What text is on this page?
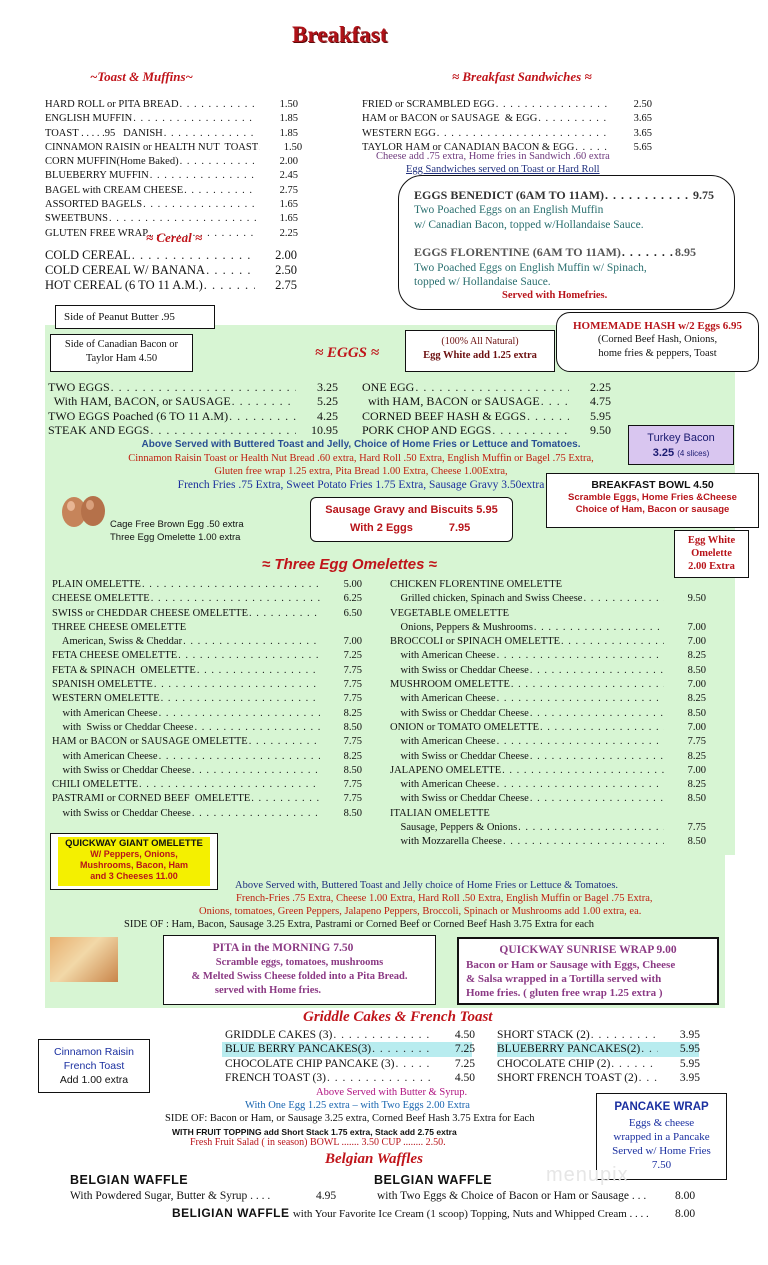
Breakfast
~Toast & Muffins~
HARD ROLL or PITA BREAD . . .	1.50
ENGLISH MUFFIN . . .	1.85
TOAST . . . . .95   DANISH . . .	1.85
CINNAMON RAISIN or HEALTH NUT  TOAST . . .	1.50
CORN MUFFIN(Home Baked) . . .	2.00
BLUEBERRY MUFFIN . . .	2.45
BAGEL with CREAM CHEESE . . .	2.75
ASSORTED BAGELS . . .	1.65
SWEETBUNS . . .	1.65
GLUTEN FREE WRAP . . .	2.25
≈ Cereal ≈
COLD CEREAL . . .	2.00
COLD CEREAL W/ BANANA . . .	2.50
HOT CEREAL (6 TO 11 A.M.) . . .	2.75
≈ Breakfast Sandwiches ≈
FRIED or SCRAMBLED EGG . . .	2.50
HAM or BACON or SAUSAGE  & EGG . . .	3.65
WESTERN EGG . . .	3.65
TAYLOR HAM or CANADIAN BACON & EGG . . .	5.65
Cheese add .75 extra, Home fries in Sandwich .60 extra
Egg Sandwiches served on Toast or Hard Roll
EGGS BENEDICT (6AM TO 11AM) . . .	9.75
Two Poached Eggs on an English Muffin
w/ Canadian Bacon, topped w/Hollandaise Sauce.
EGGS FLORENTINE (6AM TO 11AM) . . .	8.95
Two Poached Eggs on English Muffin w/ Spinach,
topped w/ Hollandaise Sauce.
Served with Homefries.
Side of Peanut Butter .95
Side of Canadian Bacon or Taylor Ham 4.50	≈ EGGS ≈
(100% All Natural)
Egg White add 1.25 extra
HOMEMADE HASH w/2 Eggs 6.95
(Corned Beef Hash, Onions,
home fries & peppers, Toast
TWO EGGS . . .	3.25
With HAM, BACON, or SAUSAGE . . .	5.25
TWO EGGS Poached (6 TO 11 A.M) . . .	4.25
STEAK AND EGGS . . .	10.95
ONE EGG . . .	2.25
with HAM, BACON or SAUSAGE . . .	4.75
CORNED BEEF HASH & EGGS . . .	5.95
PORK CHOP AND EGGS . . .	9.50
Above Served with Buttered Toast and Jelly, Choice of Home Fries or Lettuce and Tomatoes.
Cinnamon Raisin Toast or Health Nut Bread .60 extra, Hard Roll .50 Extra, English Muffin or Bagel .75 Extra,
Gluten free wrap 1.25 extra, Pita Bread 1.00 Extra, Cheese 1.00Extra,
French Fries .75 Extra, Sweet Potato Fries 1.75 Extra, Sausage Gravy 3.50extra
Turkey Bacon
3.25 (4 slices)
BREAKFAST BOWL 4.50
Scramble Eggs, Home Fries &Cheese
Choice of Ham, Bacon or sausage
Cage Free Brown Egg .50 extra
Three Egg Omelette 1.00 extra
Sausage Gravy and Biscuits 5.95
With 2 Eggs	7.95
Egg White
Omelette
2.00 Extra
≈ Three Egg Omelettes ≈
PLAIN OMELETTE . . .	5.00
CHEESE OMELETTE . . .	6.25
SWISS or CHEDDAR CHEESE OMELETTE . . .	6.50
THREE CHEESE OMELETTE
American, Swiss & Cheddar . . .	7.00
FETA CHEESE OMELETTE . . .	7.25
FETA & SPINACH  OMELETTE . . .	7.75
SPANISH OMELETTE . . .	7.75
WESTERN OMELETTE . . .	7.75
with American Cheese . . .	8.25
with  Swiss or Cheddar Cheese . . .	8.50
HAM or BACON or SAUSAGE OMELETTE . . .	7.75
with American Cheese . . .	8.25
with Swiss or Cheddar Cheese . . .	8.50
CHILI OMELETTE . . .	7.75
PASTRAMI or CORNED BEEF  OMELETTE . . .	7.75
with Swiss or Cheddar Cheese . . .	8.50
CHICKEN FLORENTINE OMELETTE
Grilled chicken, Spinach and Swiss Cheese . . .	9.50
VEGETABLE OMELETTE
Onions, Peppers & Mushrooms . . .	7.00
BROCCOLI or SPINACH OMELETTE . . .	7.00
with American Cheese . . .	8.25
with Swiss or Cheddar Cheese . . .	8.50
MUSHROOM OMELETTE . . .	7.00
with American Cheese . . .	8.25
with Swiss or Cheddar Cheese . . .	8.50
ONION or TOMATO OMELETTE . . .	7.00
with American Cheese . . .	7.75
with Swiss or Cheddar Cheese . . .	8.25
JALAPENO OMELETTE . . .	7.00
with American Cheese . . .	8.25
with Swiss or Cheddar Cheese . . .	8.50
ITALIAN OMELETTE
Sausage, Peppers & Onions . . .	7.75
with Mozzarella Cheese . . .	8.50
QUICKWAY GIANT OMELETTE
W/ Peppers, Onions,
Mushrooms, Bacon, Ham
and 3 Cheeses 11.00
Above Served with, Buttered Toast and Jelly choice of Home Fries or Lettuce & Tomatoes.
French-Fries .75 Extra, Cheese 1.00 Extra, Hard Roll .50 Extra, English Muffin or Bagel .75 Extra,
Onions, tomatoes, Green Peppers, Jalapeno Peppers, Broccoli, Spinach or Mushrooms add 1.00 extra, ea.
SIDE OF : Ham, Bacon, Sausage 3.25 Extra, Pastrami or Corned Beef or Corned Beef Hash 3.75 Extra for each
PITA in the MORNING 7.50
Scramble eggs, tomatoes, mushrooms
& Melted Swiss Cheese folded into a Pita Bread.
served with Home fries.
QUICKWAY SUNRISE WRAP 9.00
Bacon or Ham or Sausage with Eggs, Cheese
& Salsa wrapped in a Tortilla served with
Home fries. ( gluten free wrap 1.25 extra )
Griddle Cakes & French Toast
GRIDDLE CAKES (3) . . .	4.50
BLUE BERRY PANCAKES(3) . . .	7.25
CHOCOLATE CHIP PANCAKE (3) . . .	7.25
FRENCH TOAST (3) . . .	4.50
SHORT STACK (2) . . .	3.95
BLUEBERRY PANCAKES(2) . . .	5.95
CHOCOLATE CHIP (2) . . .	5.95
SHORT FRENCH TOAST (2) . . .	3.95
Above Served with Butter & Syrup.
With One Egg 1.25 extra – with Two Eggs 2.00 Extra
SIDE OF: Bacon or Ham, or Sausage 3.25 extra, Corned Beef Hash 3.75 Extra for Each
WITH FRUIT TOPPING add Short Stack 1.75 extra, Stack add 2.75 extra
Fresh Fruit Salad ( in season) BOWL ....... 3.50 CUP ........ 2.50.
Cinnamon Raisin
French Toast
Add 1.00 extra
PANCAKE WRAP
Eggs & cheese
wrapped in a Pancake
Served w/ Home Fries
7.50
Belgian Waffles
BELGIAN WAFFLE
With Powdered Sugar, Butter & Syrup . . . .	4.95
BELGIAN WAFFLE
with Two Eggs & Choice of Bacon or Ham or Sausage . . .	8.00
BELIGIAN WAFFLE with Your Favorite Ice Cream (1 scoop) Topping, Nuts and Whipped Cream . . . . 8.00
menupix
